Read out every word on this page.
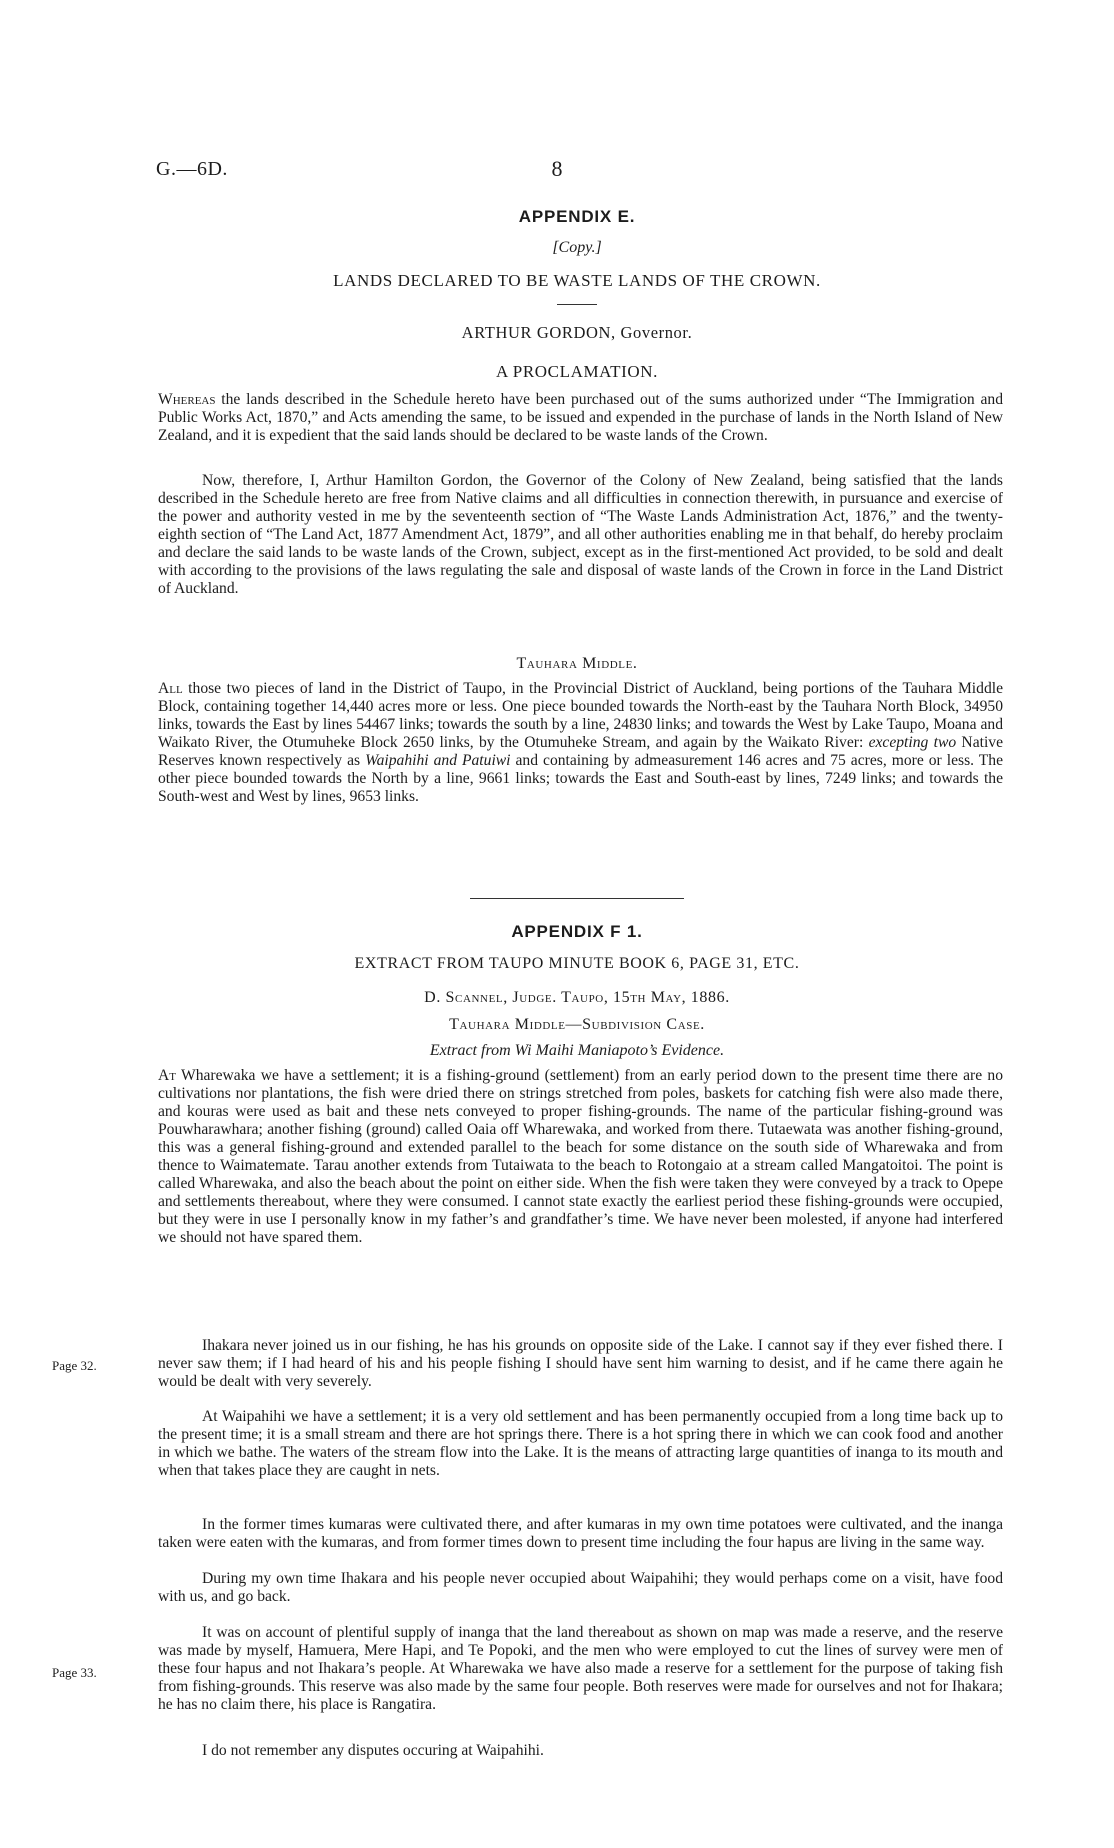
G.—6D.	8
APPENDIX E.
[Copy.]
LANDS DECLARED TO BE WASTE LANDS OF THE CROWN.
ARTHUR GORDON, Governor.
A PROCLAMATION.
Whereas the lands described in the Schedule hereto have been purchased out of the sums authorized under “The Immigration and Public Works Act, 1870,” and Acts amending the same, to be issued and expended in the purchase of lands in the North Island of New Zealand, and it is expedient that the said lands should be declared to be waste lands of the Crown.
Now, therefore, I, Arthur Hamilton Gordon, the Governor of the Colony of New Zealand, being satisfied that the lands described in the Schedule hereto are free from Native claims and all difficulties in connection therewith, in pursuance and exercise of the power and authority vested in me by the seventeenth section of “The Waste Lands Administration Act, 1876,” and the twenty-eighth section of “The Land Act, 1877 Amendment Act, 1879”, and all other authorities enabling me in that behalf, do hereby proclaim and declare the said lands to be waste lands of the Crown, subject, except as in the first-mentioned Act provided, to be sold and dealt with according to the provisions of the laws regulating the sale and disposal of waste lands of the Crown in force in the Land District of Auckland.
Tauhara Middle.
All those two pieces of land in the District of Taupo, in the Provincial District of Auckland, being portions of the Tauhara Middle Block, containing together 14,440 acres more or less. One piece bounded towards the North-east by the Tauhara North Block, 34950 links, towards the East by lines 54467 links; towards the south by a line, 24830 links; and towards the West by Lake Taupo, Moana and Waikato River, the Otumuheke Block 2650 links, by the Otumuheke Stream, and again by the Waikato River: excepting two Native Reserves known respectively as Waipahihi and Patuiwi and containing by admeasurement 146 acres and 75 acres, more or less. The other piece bounded towards the North by a line, 9661 links; towards the East and South-east by lines, 7249 links; and towards the South-west and West by lines, 9653 links.
APPENDIX F 1.
EXTRACT FROM TAUPO MINUTE BOOK 6, PAGE 31, ETC.
D. Scannel, Judge. Taupo, 15th May, 1886.
Tauhara Middle—Subdivision Case.
Extract from Wi Maihi Maniapoto’s Evidence.
At Wharewaka we have a settlement; it is a fishing-ground (settlement) from an early period down to the present time there are no cultivations nor plantations, the fish were dried there on strings stretched from poles, baskets for catching fish were also made there, and kouras were used as bait and these nets conveyed to proper fishing-grounds. The name of the particular fishing-ground was Pouwharawhara; another fishing (ground) called Oaia off Wharewaka, and worked from there. Tutaewata was another fishing-ground, this was a general fishing-ground and extended parallel to the beach for some distance on the south side of Wharewaka and from thence to Waimatemate. Tarau another extends from Tutaiwata to the beach to Rotongaio at a stream called Mangatoitoi. The point is called Wharewaka, and also the beach about the point on either side. When the fish were taken they were conveyed by a track to Opepe and settlements thereabout, where they were consumed. I cannot state exactly the earliest period these fishing-grounds were occupied, but they were in use I personally know in my father’s and grandfather’s time. We have never been molested, if anyone had interfered we should not have spared them.
Ihakara never joined us in our fishing, he has his grounds on opposite side of the Lake. I cannot say if they ever fished there. I never saw them; if I had heard of his and his people fishing I should have sent him warning to desist, and if he came there again he would be dealt with very severely.
Page 32.
At Waipahihi we have a settlement; it is a very old settlement and has been permanently occupied from a long time back up to the present time; it is a small stream and there are hot springs there. There is a hot spring there in which we can cook food and another in which we bathe. The waters of the stream flow into the Lake. It is the means of attracting large quantities of inanga to its mouth and when that takes place they are caught in nets.
In the former times kumaras were cultivated there, and after kumaras in my own time potatoes were cultivated, and the inanga taken were eaten with the kumaras, and from former times down to present time including the four hapus are living in the same way.
During my own time Ihakara and his people never occupied about Waipahihi; they would perhaps come on a visit, have food with us, and go back.
It was on account of plentiful supply of inanga that the land thereabout as shown on map was made a reserve, and the reserve was made by myself, Hamuera, Mere Hapi, and Te Popoki, and the men who were employed to cut the lines of survey were men of these four hapus and not Ihakara’s people. At Wharewaka we have also made a reserve for a settlement for the purpose of taking fish from fishing-grounds. This reserve was also made by the same four people. Both reserves were made for ourselves and not for Ihakara; he has no claim there, his place is Rangatira.
Page 33.
I do not remember any disputes occuring at Waipahihi.
